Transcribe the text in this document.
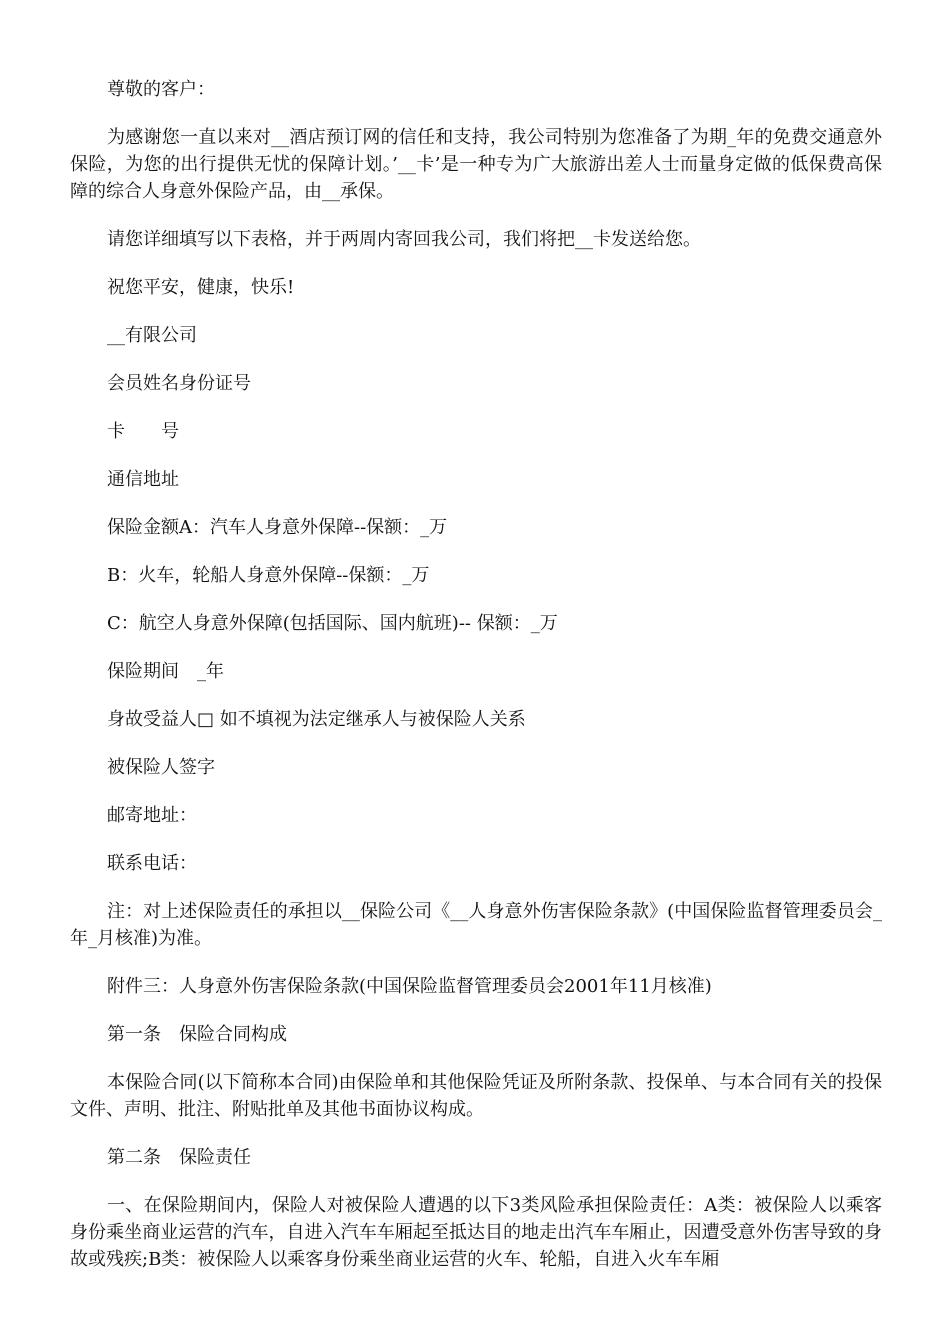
尊敬的客户：

为感谢您一直以来对__酒店预订网的信任和支持，我公司特别为您准备了为期_年的免费交通意外保险，为您的出行提供无忧的保障计划。’__卡’是一种专为广大旅游出差人士而量身定做的低保费高保障的综合人身意外保险产品，由__承保。

请您详细填写以下表格，并于两周内寄回我公司，我们将把__卡发送给您。

祝您平安，健康，快乐!

__有限公司

会员姓名身份证号

卡　　号

通信地址

保险金额A：汽车人身意外保障--保额：_万

B：火车，轮船人身意外保障--保额：_万

C：航空人身意外保障(包括国际、国内航班)-- 保额：_万

保险期间　_年

身故受益人□ 如不填视为法定继承人与被保险人关系

被保险人签字

邮寄地址：

联系电话：

注：对上述保险责任的承担以__保险公司《__人身意外伤害保险条款》(中国保险监督管理委员会_年_月核准)为准。

附件三：人身意外伤害保险条款(中国保险监督管理委员会2001年11月核准)

第一条　保险合同构成

本保险合同(以下简称本合同)由保险单和其他保险凭证及所附条款、投保单、与本合同有关的投保文件、声明、批注、附贴批单及其他书面协议构成。

第二条　保险责任

一、在保险期间内，保险人对被保险人遭遇的以下3类风险承担保险责任：A类：被保险人以乘客身份乘坐商业运营的汽车，自进入汽车车厢起至抵达目的地走出汽车车厢止，因遭受意外伤害导致的身故或残疾;B类：被保险人以乘客身份乘坐商业运营的火车、轮船，自进入火车车厢
